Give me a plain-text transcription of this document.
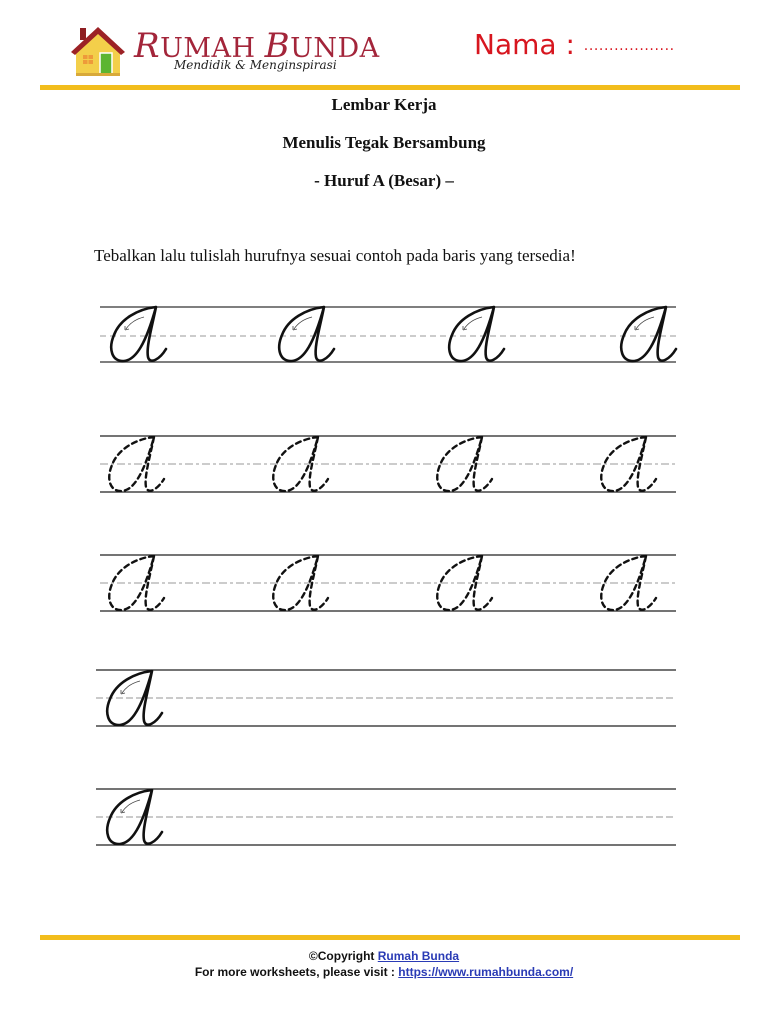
RUMAH BUNDA
Mendidik & Menginspirasi
Nama : ..................
Lembar Kerja
Menulis Tegak Bersambung
- Huruf A (Besar) –
Tebalkan lalu tulislah hurufnya sesuai contoh pada baris yang tersedia!
©Copyright Rumah Bunda
For more worksheets, please visit : https://www.rumahbunda.com/
